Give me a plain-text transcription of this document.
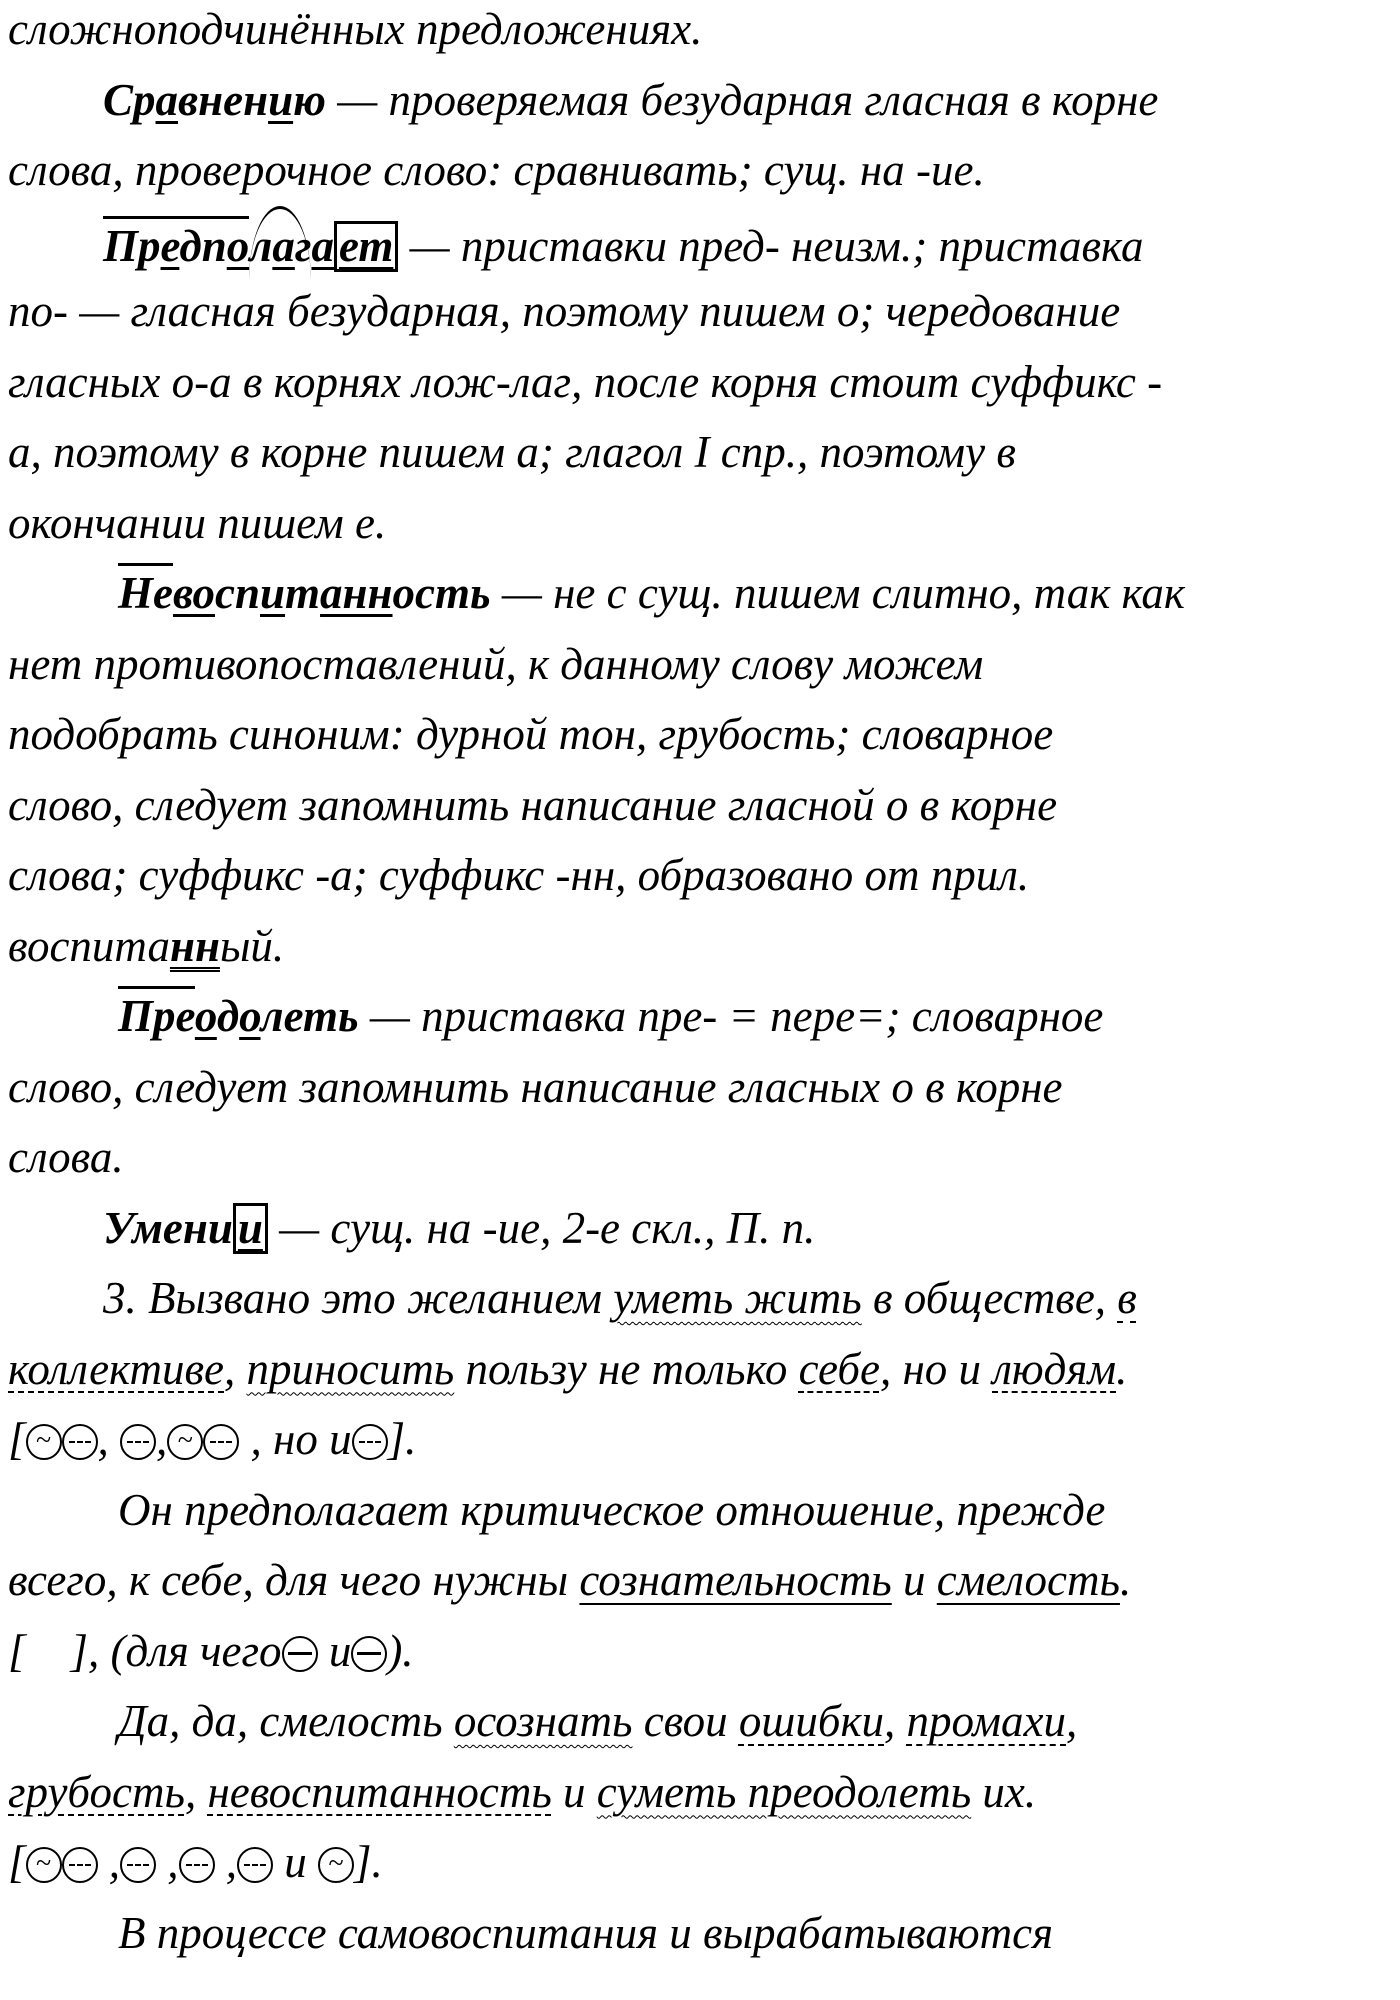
сложноподчинённых предложениях.
Сравнению — проверяемая безударная гласная в корне
слова, проверочное слово: сравнивать; сущ. на -ие.
Предполага ет — приставки пред- неизм.; приставка
по- — гласная безударная, поэтому пишем о; чередование
гласных о-а в корнях лож-лаг, после корня стоит суффикс -
а, поэтому в корне пишем а; глагол I спр., поэтому в
окончании пишем е.
Невоспитанность — не с сущ. пишем слитно, так как
нет противопоставлений, к данному слову можем
подобрать синоним: дурной тон, грубость; словарное
слово, следует запомнить написание гласной о в корне
слова; суффикс -а; суффикс -нн, образовано от прил.
воспитанный.
Преодолеть — приставка пре- = пере=; словарное
слово, следует запомнить написание гласных о в корне
слова.
Умени и — сущ. на -ие, 2-е скл., П. п.
3. Вызвано это желанием уметь жить в обществе, в
коллективе, приносить пользу не только себе, но и людям.
[ ~ , , ~ , но и ].
Он предполагает критическое отношение, прежде
всего, к себе, для чего нужны сознательность и смелость.
[    ], (для чего и ).
Да, да, смелость осознать свои ошибки, промахи,
грубость, невоспитанность и суметь преодолеть их.
[ ~ , , , и ~ ].
В процессе самовоспитания и вырабатываются
